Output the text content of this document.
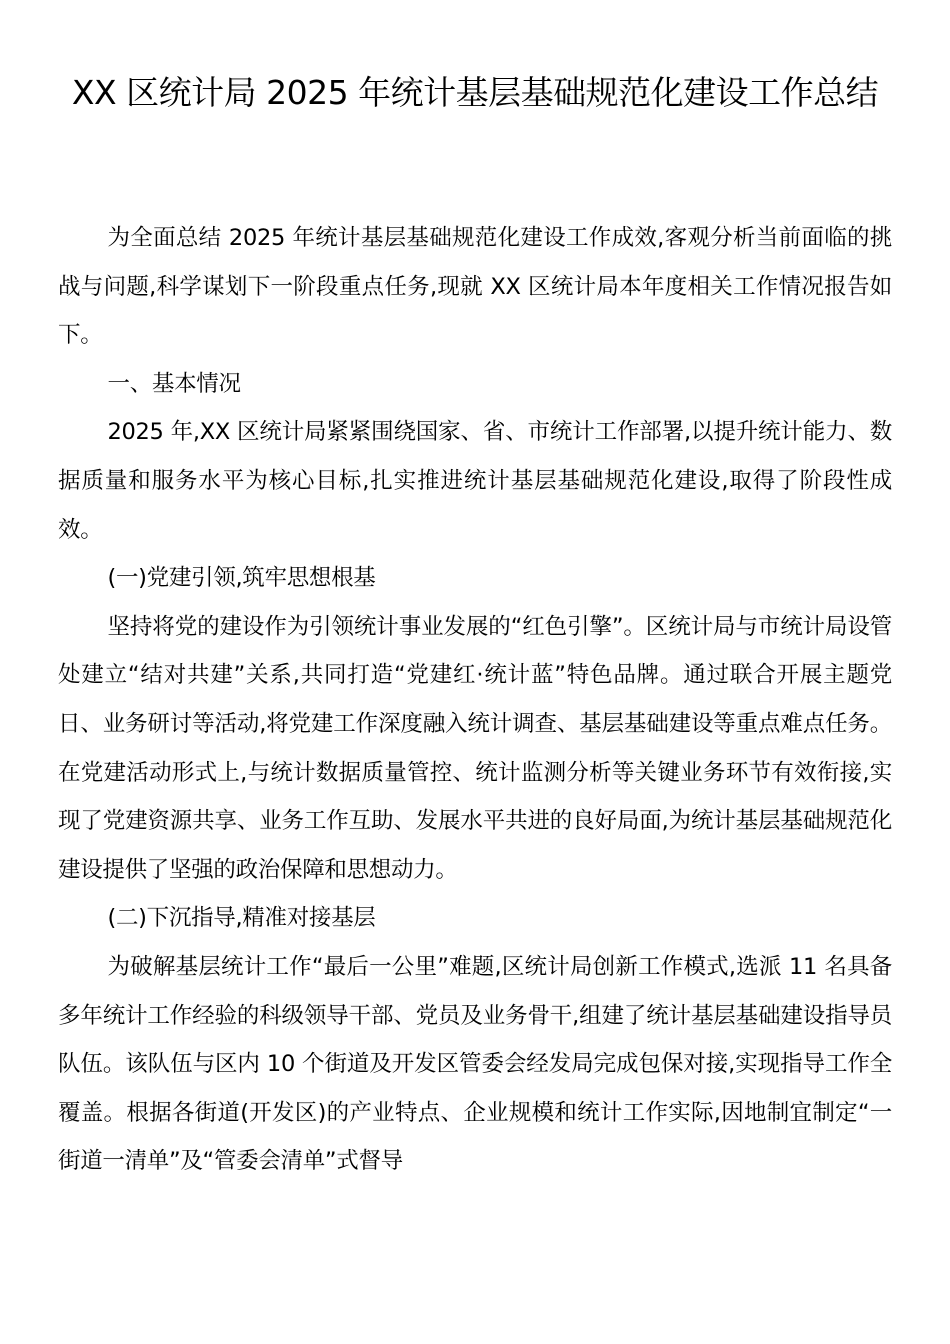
XX 区统计局 2025 年统计基层基础规范化建设工作总结

为全面总结 2025 年统计基层基础规范化建设工作成效,客观分析当前面临的挑战与问题,科学谋划下一阶段重点任务,现就 XX 区统计局本年度相关工作情况报告如下。

一、基本情况

2025 年,XX 区统计局紧紧围绕国家、省、市统计工作部署,以提升统计能力、数据质量和服务水平为核心目标,扎实推进统计基层基础规范化建设,取得了阶段性成效。

(一)党建引领,筑牢思想根基

坚持将党的建设作为引领统计事业发展的“红色引擎”。区统计局与市统计局设管处建立“结对共建”关系,共同打造“党建红·统计蓝”特色品牌。通过联合开展主题党日、业务研讨等活动,将党建工作深度融入统计调查、基层基础建设等重点难点任务。在党建活动形式上,与统计数据质量管控、统计监测分析等关键业务环节有效衔接,实现了党建资源共享、业务工作互助、发展水平共进的良好局面,为统计基层基础规范化建设提供了坚强的政治保障和思想动力。

(二)下沉指导,精准对接基层

为破解基层统计工作“最后一公里”难题,区统计局创新工作模式,选派 11 名具备多年统计工作经验的科级领导干部、党员及业务骨干,组建了统计基层基础建设指导员队伍。该队伍与区内 10 个街道及开发区管委会经发局完成包保对接,实现指导工作全覆盖。根据各街道(开发区)的产业特点、企业规模和统计工作实际,因地制宜制定“一街道一清单”及“管委会清单”式督导
